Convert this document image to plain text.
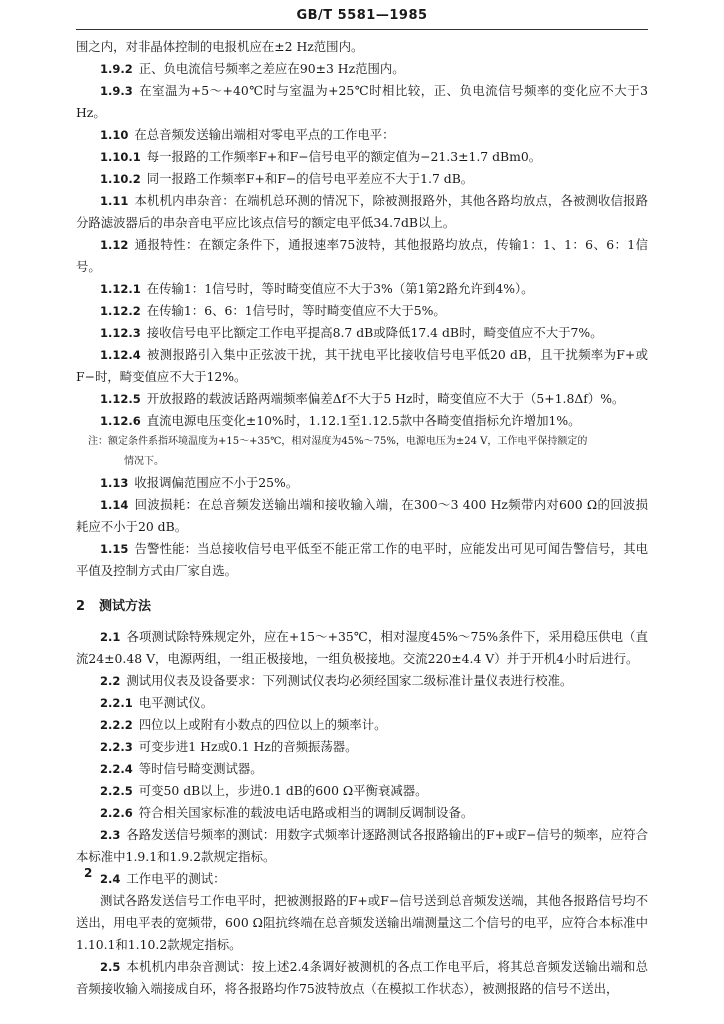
GB/T 5581—1985

围之内，对非晶体控制的电报机应在±2 Hz范围内。

1.9.2 正、负电流信号频率之差应在90±3 Hz范围内。

1.9.3 在室温为+5～+40℃时与室温为+25℃时相比较，正、负电流信号频率的变化应不大于3 Hz。

1.10 在总音频发送输出端相对零电平点的工作电平：

1.10.1 每一报路的工作频率F+和F−信号电平的额定值为−21.3±1.7 dBm0。

1.10.2 同一报路工作频率F+和F−的信号电平差应不大于1.7 dB。

1.11 本机机内串杂音：在端机总环测的情况下，除被测报路外，其他各路均放点，各被测收信报路分路滤波器后的串杂音电平应比该点信号的额定电平低34.7dB以上。

1.12 通报特性：在额定条件下，通报速率75波特，其他报路均放点，传输1：1、1：6、6：1信号。

1.12.1 在传输1：1信号时，等时畸变值应不大于3%（第1第2路允许到4%）。

1.12.2 在传输1：6、6：1信号时，等时畸变值应不大于5%。

1.12.3 接收信号电平比额定工作电平提高8.7 dB或降低17.4 dB时，畸变值应不大于7%。

1.12.4 被测报路引入集中正弦波干扰，其干扰电平比接收信号电平低20 dB，且干扰频率为F+或F−时，畸变值应不大于12%。

1.12.5 开放报路的载波话路两端频率偏差Δf不大于5 Hz时，畸变值应不大于（5+1.8Δf）%。

1.12.6 直流电源电压变化±10%时，1.12.1至1.12.5款中各畸变值指标允许增加1%。

注：额定条件系指环境温度为+15～+35℃，相对湿度为45%～75%，电源电压为±24 V，工作电平保持额定的

情况下。

1.13 收报调偏范围应不小于25%。

1.14 回波损耗：在总音频发送输出端和接收输入端，在300～3 400 Hz频带内对600 Ω的回波损耗应不小于20 dB。

1.15 告警性能：当总接收信号电平低至不能正常工作的电平时，应能发出可见可闻告警信号，其电平值及控制方式由厂家自选。

2 测试方法

2.1 各项测试除特殊规定外，应在+15～+35℃，相对湿度45%～75%条件下，采用稳压供电（直流24±0.48 V，电源两组，一组正极接地，一组负极接地。交流220±4.4 V）并于开机4小时后进行。

2.2 测试用仪表及设备要求：下列测试仪表均必须经国家二级标准计量仪表进行校准。

2.2.1 电平测试仪。

2.2.2 四位以上或附有小数点的四位以上的频率计。

2.2.3 可变步进1 Hz或0.1 Hz的音频振荡器。

2.2.4 等时信号畸变测试器。

2.2.5 可变50 dB以上，步进0.1 dB的600 Ω平衡衰减器。

2.2.6 符合相关国家标准的载波电话电路或相当的调制反调制设备。

2.3 各路发送信号频率的测试：用数字式频率计逐路测试各报路输出的F+或F−信号的频率，应符合本标准中1.9.1和1.9.2款规定指标。

2.4 工作电平的测试：

测试各路发送信号工作电平时，把被测报路的F+或F−信号送到总音频发送端，其他各报路信号均不送出，用电平表的宽频带，600 Ω阻抗终端在总音频发送输出端测量这二个信号的电平，应符合本标准中1.10.1和1.10.2款规定指标。

2.5 本机机内串杂音测试：按上述2.4条调好被测机的各点工作电平后，将其总音频发送输出端和总音频接收输入端接成自环，将各报路均作75波特放点（在模拟工作状态），被测报路的信号不送出，

2
